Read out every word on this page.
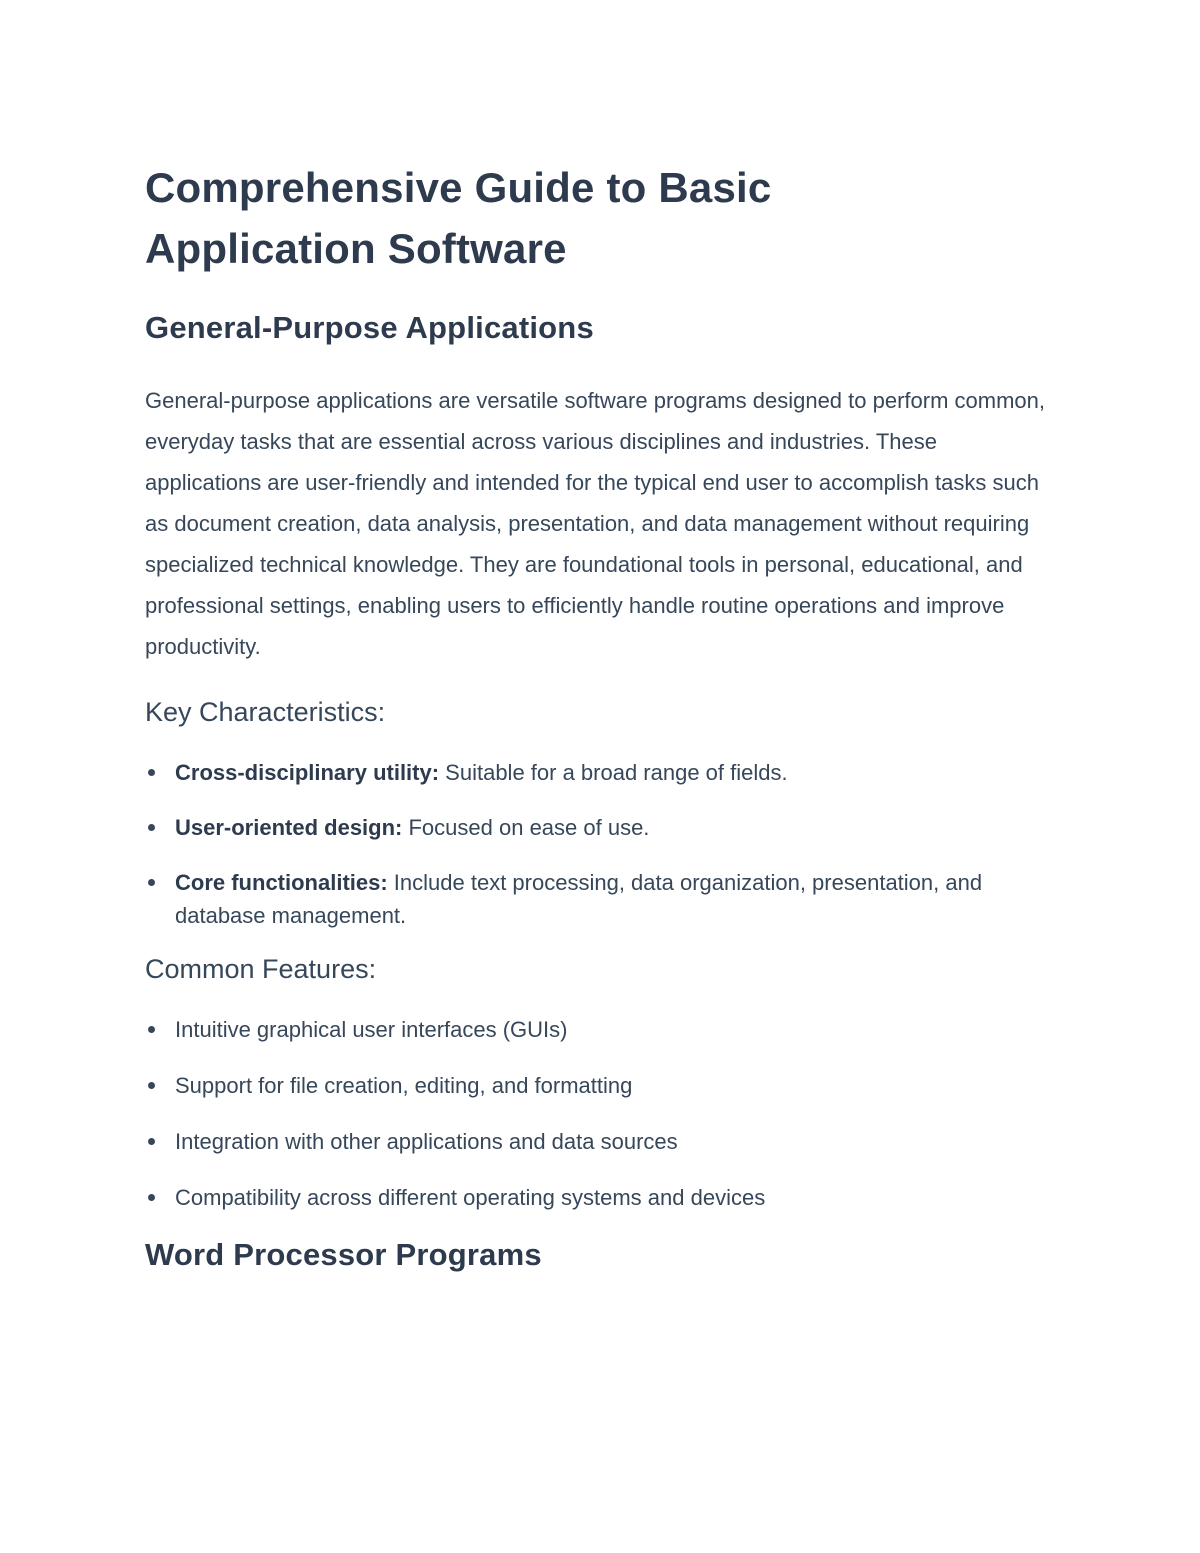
Comprehensive Guide to Basic Application Software
General-Purpose Applications

General-purpose applications are versatile software programs designed to perform common, everyday tasks that are essential across various disciplines and industries. These applications are user-friendly and intended for the typical end user to accomplish tasks such as document creation, data analysis, presentation, and data management without requiring specialized technical knowledge. They are foundational tools in personal, educational, and professional settings, enabling users to efficiently handle routine operations and improve productivity.

Key Characteristics:
Cross-disciplinary utility: Suitable for a broad range of fields.
User-oriented design: Focused on ease of use.
Core functionalities: Include text processing, data organization, presentation, and database management.
Common Features:
Intuitive graphical user interfaces (GUIs)
Support for file creation, editing, and formatting
Integration with other applications and data sources
Compatibility across different operating systems and devices
Word Processor Programs
